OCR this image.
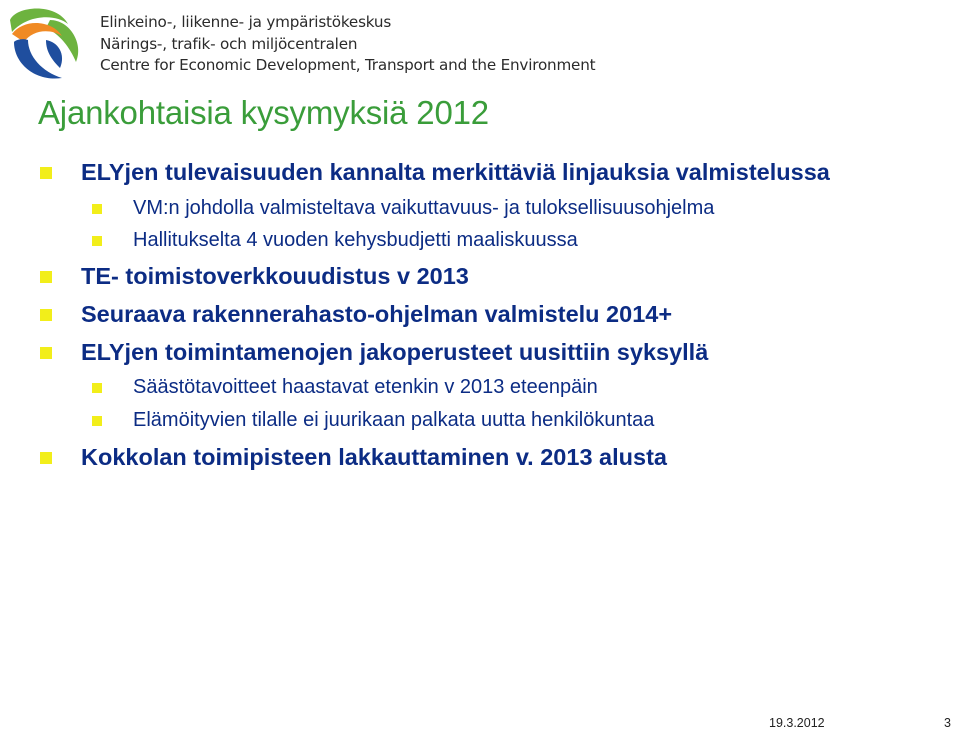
Elinkeino-, liikenne- ja ympäristökeskus
Närings-, trafik- och miljöcentralen
Centre for Economic Development, Transport and the Environment
Ajankohtaisia kysymyksiä 2012
ELYjen tulevaisuuden kannalta merkittäviä linjauksia valmistelussa
VM:n johdolla valmisteltava vaikuttavuus- ja tuloksellisuusohjelma
Hallitukselta 4 vuoden kehysbudjetti maaliskuussa
TE- toimistoverkkouudistus v 2013
Seuraava rakennerahasto-ohjelman valmistelu 2014+
ELYjen toimintamenojen jakoperusteet uusittiin syksyllä
Säästötavoitteet haastavat etenkin v 2013 eteenpäin
Elämöityvien tilalle ei juurikaan palkata uutta henkilökuntaa
Kokkolan toimipisteen lakkauttaminen v. 2013 alusta
19.3.2012	3
